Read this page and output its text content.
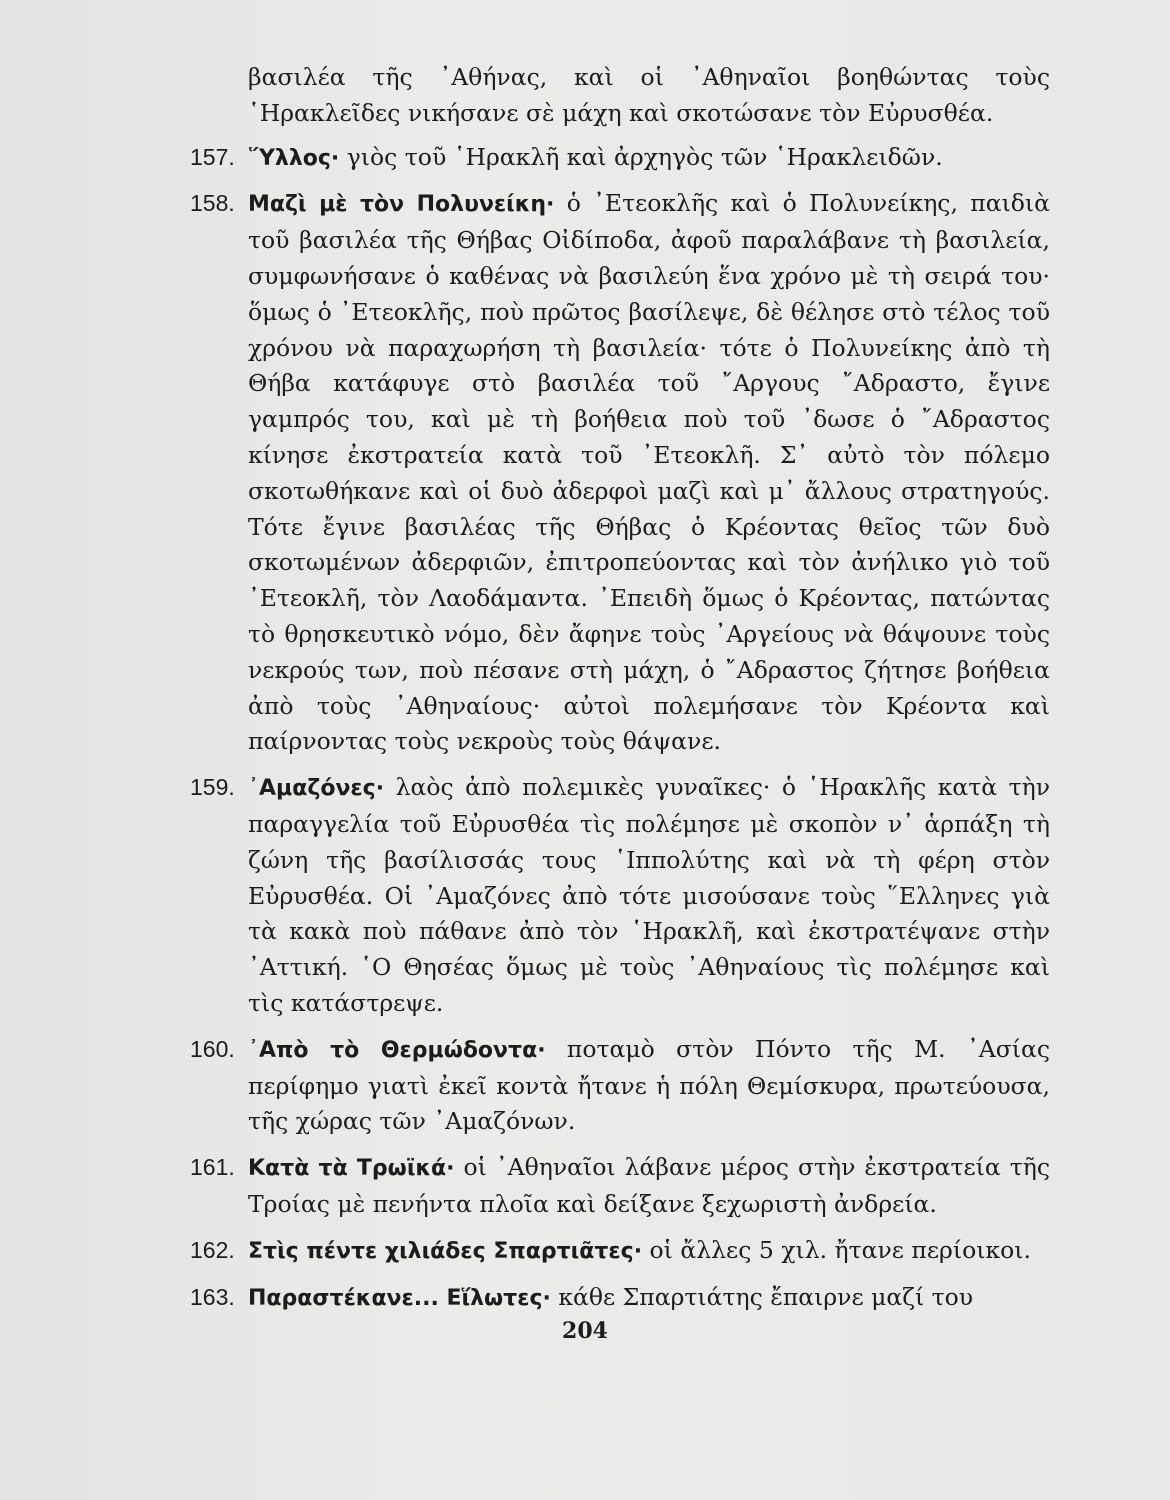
βασιλέα τῆς ᾿Αθήνας, καὶ οἱ ᾿Αθηναῖοι βοηθώντας τοὺς ῾Ηρακλεῖδες νικήσανε σὲ μάχη καὶ σκοτώσανε τὸν Εὐρυσθέα.

157. ῞Υλλος· γιὸς τοῦ ῾Ηρακλῆ καὶ ἀρχηγὸς τῶν ῾Ηρακλειδῶν.

158. Μαζὶ μὲ τὸν Πολυνείκη· ὁ ᾿Ετεοκλῆς καὶ ὁ Πολυνείκης, παιδιὰ τοῦ βασιλέα τῆς Θήβας Οἰδίποδα, ἀφοῦ παραλάβανε τὴ βασιλεία, συμφωνήσανε ὁ καθένας νὰ βασιλεύη ἕνα χρόνο μὲ τὴ σειρά του· ὅμως ὁ ᾿Ετεοκλῆς, ποὺ πρῶτος βασίλεψε, δὲ θέλησε στὸ τέλος τοῦ χρόνου νὰ παραχωρήση τὴ βασιλεία· τότε ὁ Πολυνείκης ἀπὸ τὴ Θήβα κατάφυγε στὸ βασιλέα τοῦ ῎Αργους ῎Αδραστο, ἔγινε γαμπρός του, καὶ μὲ τὴ βοήθεια ποὺ τοῦ ᾿δωσε ὁ ῎Αδραστος κίνησε ἐκστρατεία κατὰ τοῦ ᾿Ετεοκλῆ. Σ᾿ αὐτὸ τὸν πόλεμο σκοτωθήκανε καὶ οἱ δυὸ ἀδερφοὶ μαζὶ καὶ μ᾿ ἄλλους στρατηγούς. Τότε ἔγινε βασιλέας τῆς Θήβας ὁ Κρέοντας θεῖος τῶν δυὸ σκοτωμένων ἀδερφιῶν, ἐπιτροπεύοντας καὶ τὸν ἀνήλικο γιὸ τοῦ ᾿Ετεοκλῆ, τὸν Λαοδάμαντα. ᾿Επειδὴ ὅμως ὁ Κρέοντας, πατώντας τὸ θρησκευτικὸ νόμο, δὲν ἄφηνε τοὺς ᾿Αργείους νὰ θάψουνε τοὺς νεκρούς των, ποὺ πέσανε στὴ μάχη, ὁ ῎Αδραστος ζήτησε βοήθεια ἀπὸ τοὺς ᾿Αθηναίους· αὐτοὶ πολεμήσανε τὸν Κρέοντα καὶ παίρνοντας τοὺς νεκροὺς τοὺς θάψανε.

159. ᾿Αμαζόνες· λαὸς ἀπὸ πολεμικὲς γυναῖκες· ὁ ῾Ηρακλῆς κατὰ τὴν παραγγελία τοῦ Εὐρυσθέα τὶς πολέμησε μὲ σκοπὸν ν᾿ ἁρπάξη τὴ ζώνη τῆς βασίλισσάς τους ῾Ιππολύτης καὶ νὰ τὴ φέρη στὸν Εὐρυσθέα. Οἱ ᾿Αμαζόνες ἀπὸ τότε μισούσανε τοὺς ῞Ελληνες γιὰ τὰ κακὰ ποὺ πάθανε ἀπὸ τὸν ῾Ηρακλῆ, καὶ ἐκστρατέψανε στὴν ᾿Αττική. ῾Ο Θησέας ὅμως μὲ τοὺς ᾿Αθηναίους τὶς πολέμησε καὶ τὶς κατάστρεψε.

160. ᾿Απὸ τὸ Θερμώδοντα· ποταμὸ στὸν Πόντο τῆς Μ. ᾿Ασίας περίφημο γιατὶ ἐκεῖ κοντὰ ἤτανε ἡ πόλη Θεμίσκυρα, πρωτεύουσα, τῆς χώρας τῶν ᾿Αμαζόνων.

161. Κατὰ τὰ Τρωϊκά· οἱ ᾿Αθηναῖοι λάβανε μέρος στὴν ἐκστρατεία τῆς Τροίας μὲ πενήντα πλοῖα καὶ δείξανε ξεχωριστὴ ἀνδρεία.

162. Στὶς πέντε χιλιάδες Σπαρτιᾶτες· οἱ ἄλλες 5 χιλ. ἤτανε περίοικοι.

163. Παραστέκανε... Εἵλωτες· κάθε Σπαρτιάτης ἔπαιρνε μαζί του

204
